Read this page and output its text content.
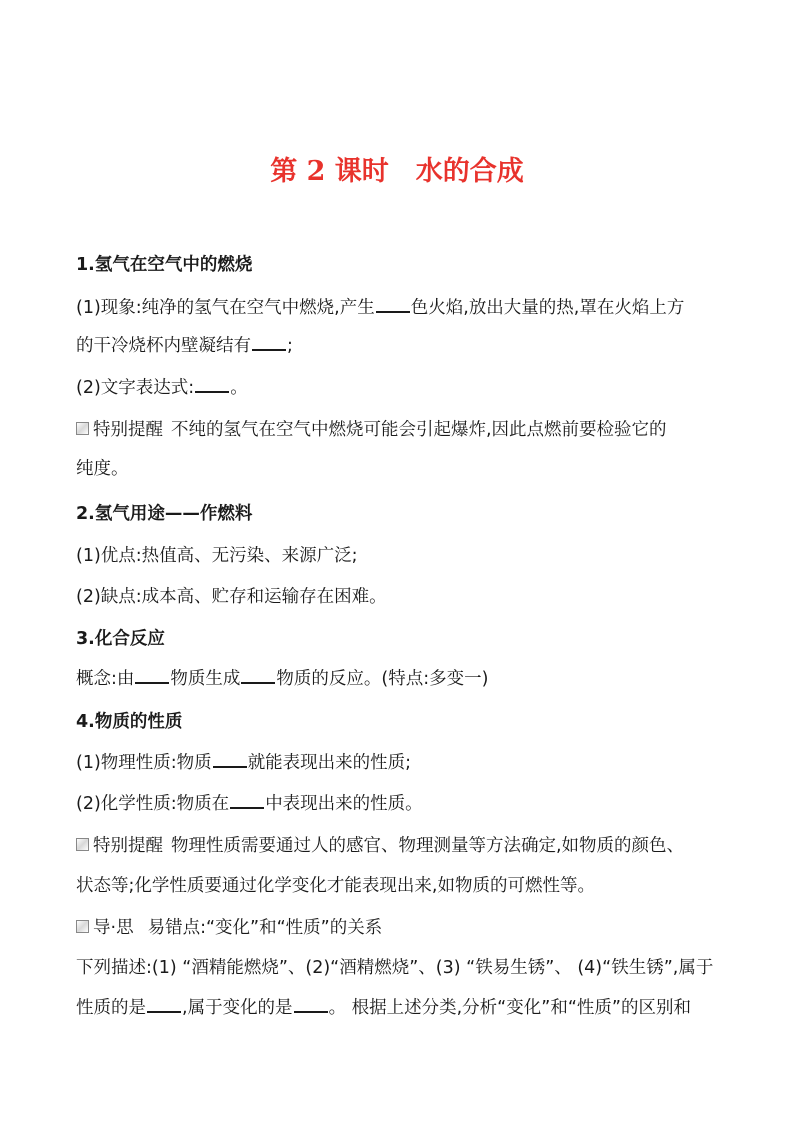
第 2 课时　水的合成
1.氢气在空气中的燃烧
(1)现象:纯净的氢气在空气中燃烧,产生 色火焰,放出大量的热,罩在火焰上方
的干冷烧杯内壁凝结有 ;
(2)文字表达式: 。
特别提醒 不纯的氢气在空气中燃烧可能会引起爆炸,因此点燃前要检验它的
纯度。
2.氢气用途——作燃料
(1)优点:热值高、无污染、来源广泛;
(2)缺点:成本高、贮存和运输存在困难。
3.化合反应
概念:由 物质生成 物质的反应。(特点:多变一)
4.物质的性质
(1)物理性质:物质 就能表现出来的性质;
(2)化学性质:物质在 中表现出来的性质。
特别提醒 物理性质需要通过人的感官、物理测量等方法确定,如物质的颜色、
状态等;化学性质要通过化学变化才能表现出来,如物质的可燃性等。
导·思 易错点:“变化”和“性质”的关系
下列描述:(1) “酒精能燃烧”、(2)“酒精燃烧”、(3) “铁易生锈”、 (4)“铁生锈”,属于
性质的是 ,属于变化的是 。 根据上述分类,分析“变化”和“性质”的区别和
